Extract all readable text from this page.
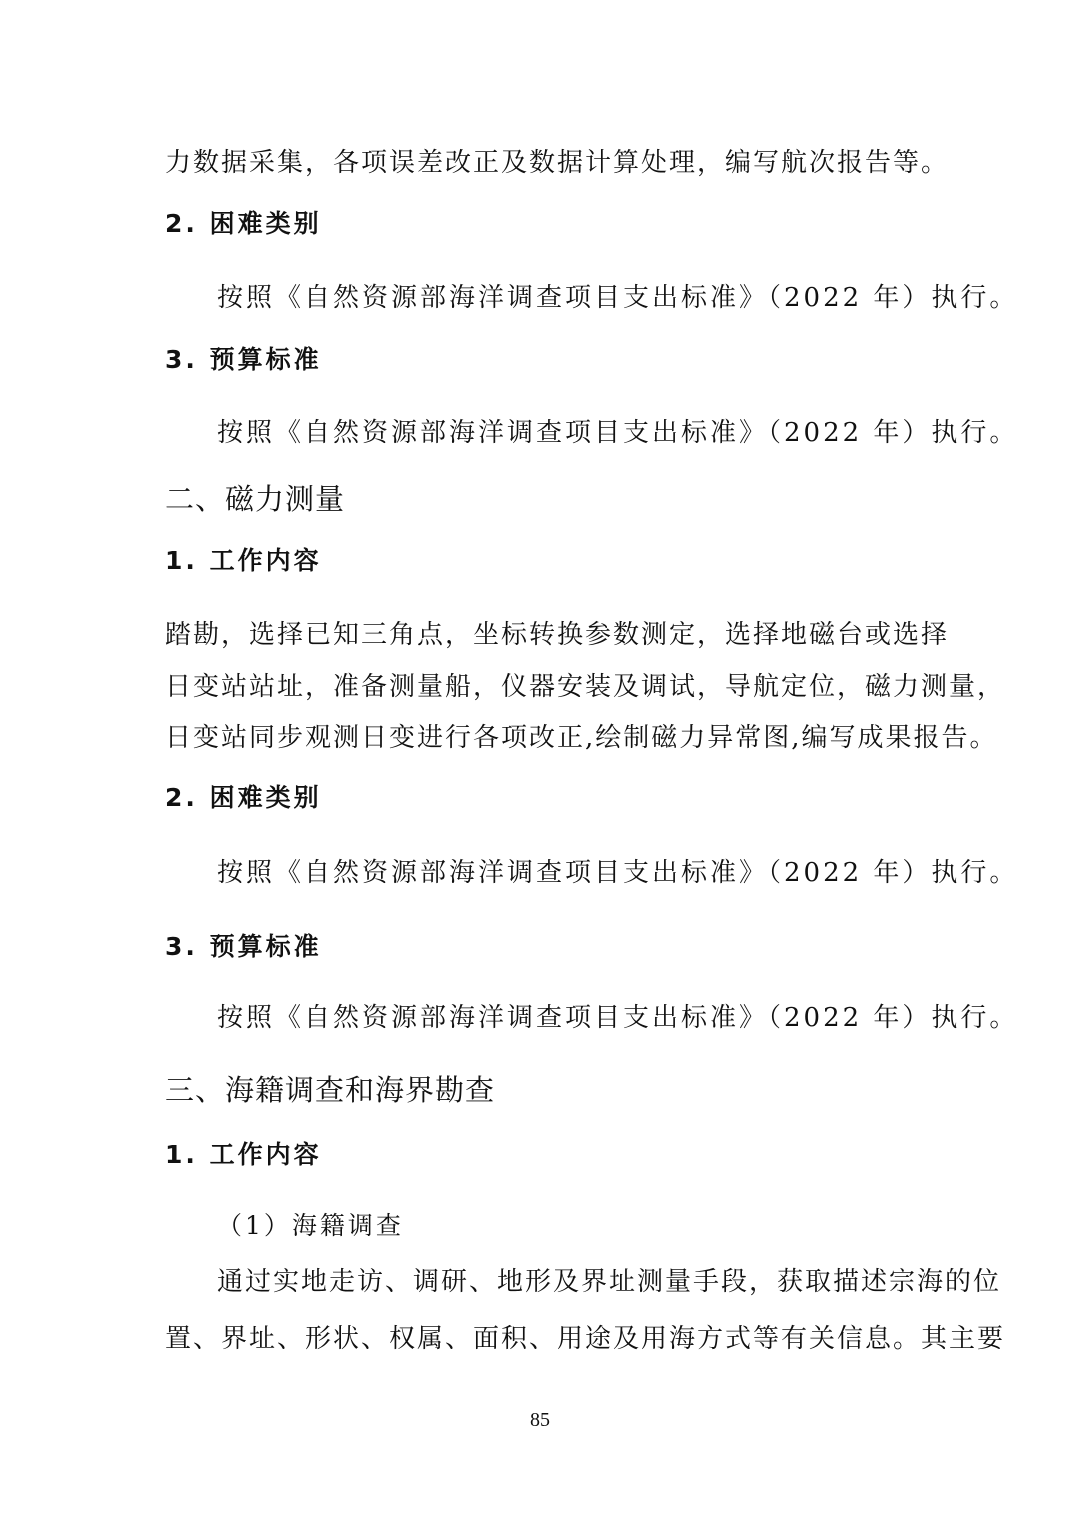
力数据采集，各项误差改正及数据计算处理，编写航次报告等。
2. 困难类别
按照《自然资源部海洋调查项目支出标准》（2022 年）执行。
3. 预算标准
按照《自然资源部海洋调查项目支出标准》（2022 年）执行。
二、磁力测量
1. 工作内容
踏勘，选择已知三角点，坐标转换参数测定，选择地磁台或选择
日变站站址，准备测量船，仪器安装及调试，导航定位，磁力测量，
日变站同步观测日变进行各项改正,绘制磁力异常图,编写成果报告。
2. 困难类别
按照《自然资源部海洋调查项目支出标准》（2022 年）执行。
3. 预算标准
按照《自然资源部海洋调查项目支出标准》（2022 年）执行。
三、海籍调查和海界勘查
1. 工作内容
（1）海籍调查
通过实地走访、调研、地形及界址测量手段，获取描述宗海的位
置、界址、形状、权属、面积、用途及用海方式等有关信息。其主要
85
